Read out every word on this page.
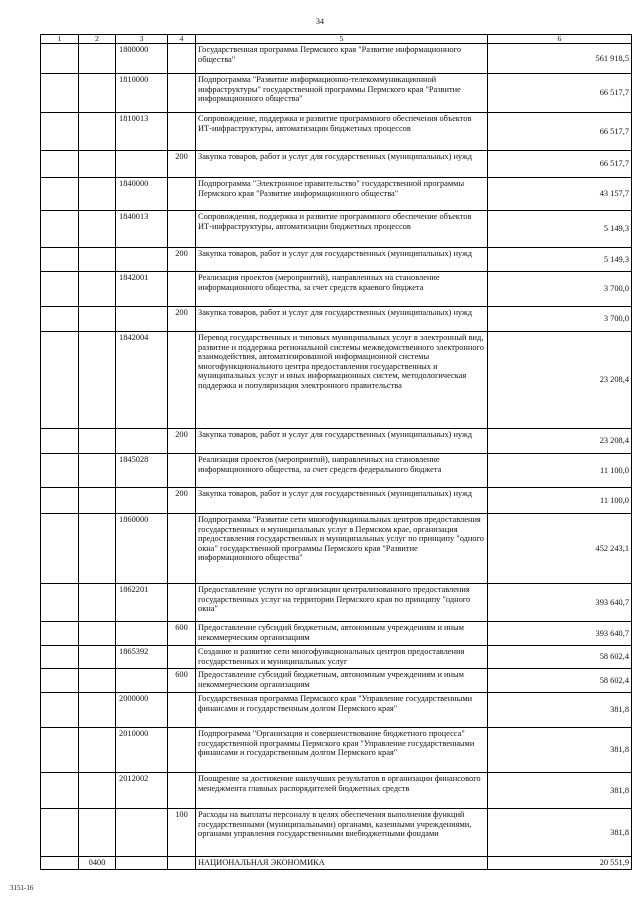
34
1	2	3	4	5	6
		1800000		Государственная программа Пермского края "Развитие информационного общества"	561 918,5
		1810000		Подпрограмма "Развитие информационно-телекоммуникационной инфраструктуры" государственной программы Пермского края "Развитие информационного общества"	66 517,7
		1810013		Сопровождение, поддержка и развитие программного обеспечения объектов ИТ-инфраструктуры, автоматизации бюджетных процессов	66 517,7
			200	Закупка товаров, работ и услуг для государственных (муниципальных) нужд	66 517,7
		1840000		Подпрограмма "Электронное правительство" государственной программы Пермского края "Развитие информационного общества"	43 157,7
		1840013		Сопровождения, поддержка и развитие программного обеспечение объектов ИТ-инфраструктуры, автоматизации бюджетных процессов	5 149,3
			200	Закупка товаров, работ и услуг для государственных (муниципальных) нужд	5 149,3
		1842001		Реализация проектов (мероприятий), направленных на становление информационного общества, за счет средств краевого бюджета	3 700,0
			200	Закупка товаров, работ и услуг для государственных (муниципальных) нужд	3 700,0
		1842004		Перевод государственных и типовых муниципальных услуг в электронный вид, развитие и поддержка региональной системы межведомственного электронного взаимодействия, автоматизированной информационной системы многофункционального центра предоставления государственных и муниципальных услуг и иных информационных систем, методологическая поддержка и популяризация электронного правительства	23 208,4
			200	Закупка товаров, работ и услуг для государственных (муниципальных) нужд	23 208,4
		1845028		Реализация проектов (мероприятий), направленных на становление информационного общества, за счет средств федерального бюджета	11 100,0
			200	Закупка товаров, работ и услуг для государственных (муниципальных) нужд	11 100,0
		1860000		Подпрограмма "Развитие сети многофункциональных центров предоставления государственных и муниципальных услуг в Пермском крае, организация предоставления государственных и муниципальных услуг по принципу "одного окна" государственной программы Пермского края "Развитие информационного общества"	452 243,1
		1862201		Предоставление услуги по организации централизованного предоставления государственных услуг на территории Пермского края по принципу "одного окна"	393 640,7
			600	Предоставление субсидий бюджетным, автономным учреждениям и иным некоммерческим организациям	393 640,7
		1865392		Создание и развитие сети многофункциональных центров предоставления государственных и муниципальных услуг	58 602,4
			600	Предоставление субсидий бюджетным, автономным учреждениям и иным некоммерческим организациям	58 602,4
		2000000		Государственная программа Пермского края "Управление государственными финансами и государственным долгом Пермского края"	381,8
		2010000		Подпрограмма "Организация и совершенствование бюджетного процесса" государственной программы Пермского края "Управление государственными финансами и государственным долгом Пермского края"	381,8
		2012002		Поощрение за достижение наилучших результатов в организации финансового менеджмента главных распорядителей бюджетных средств	381,8
			100	Расходы на выплаты персоналу в целях обеспечения выполнения функций государственными (муниципальными) органами, казенными учреждениями, органами управления государственными внебюджетными фондами	381,8
	0400			НАЦИОНАЛЬНАЯ ЭКОНОМИКА	20 551,9
3151-16
